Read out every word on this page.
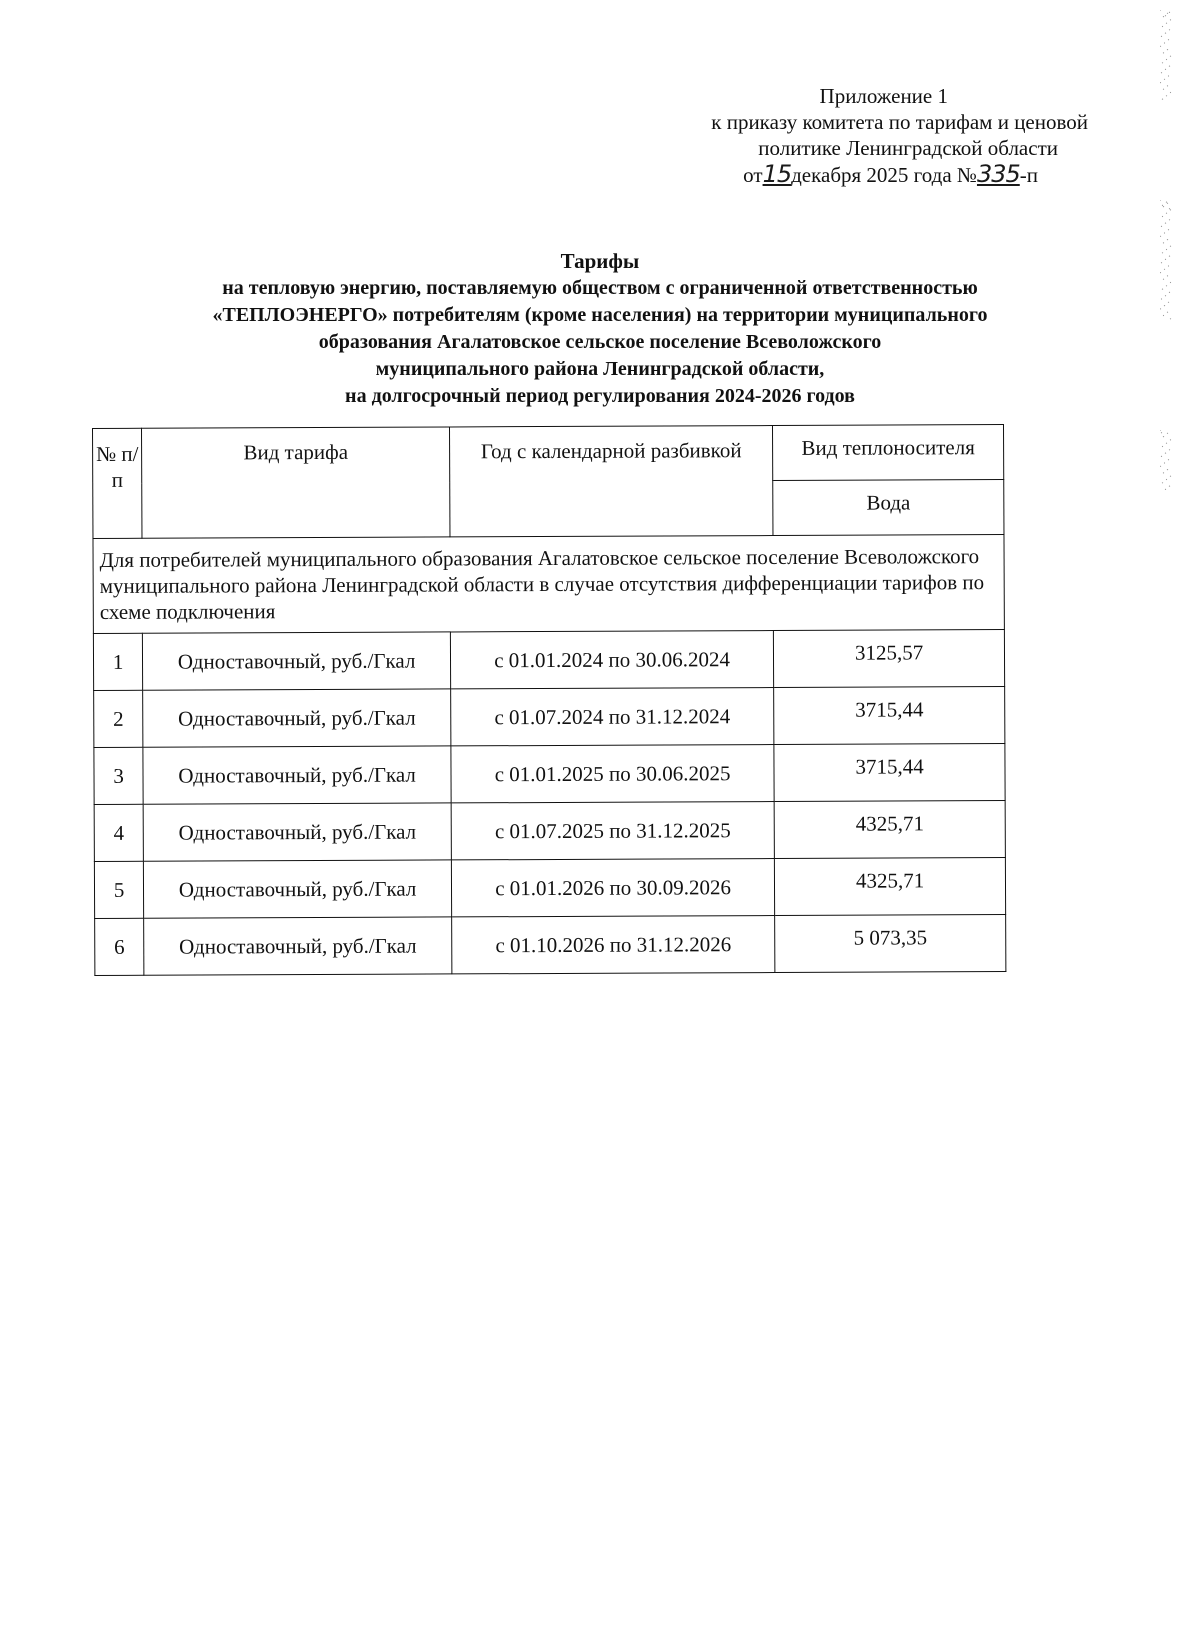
Приложение 1
к приказу комитета по тарифам и ценовой
политике Ленинградской области
от15декабря 2025 года №335-п
Тарифы
на тепловую энергию, поставляемую обществом с ограниченной ответственностью
«ТЕПЛОЭНЕРГО» потребителям (кроме населения) на территории муниципального
образования Агалатовское сельское поселение Всеволожского
муниципального района Ленинградской области,
на долгосрочный период регулирования 2024-2026 годов
№ п/п	Вид тарифа	Год с календарной разбивкой	Вид теплоносителя
			Вода
Для потребителей муниципального образования Агалатовское сельское поселение Всеволожского муниципального района Ленинградской области в случае отсутствия дифференциации тарифов по схеме подключения			
1	Одноставочный, руб./Гкал	с 01.01.2024 по 30.06.2024	3125,57
2	Одноставочный, руб./Гкал	с 01.07.2024 по 31.12.2024	3715,44
3	Одноставочный, руб./Гкал	с 01.01.2025 по 30.06.2025	3715,44
4	Одноставочный, руб./Гкал	с 01.07.2025 по 31.12.2025	4325,71
5	Одноставочный, руб./Гкал	с 01.01.2026 по 30.09.2026	4325,71
6	Одноставочный, руб./Гкал	с 01.10.2026 по 31.12.2026	5 073,35
